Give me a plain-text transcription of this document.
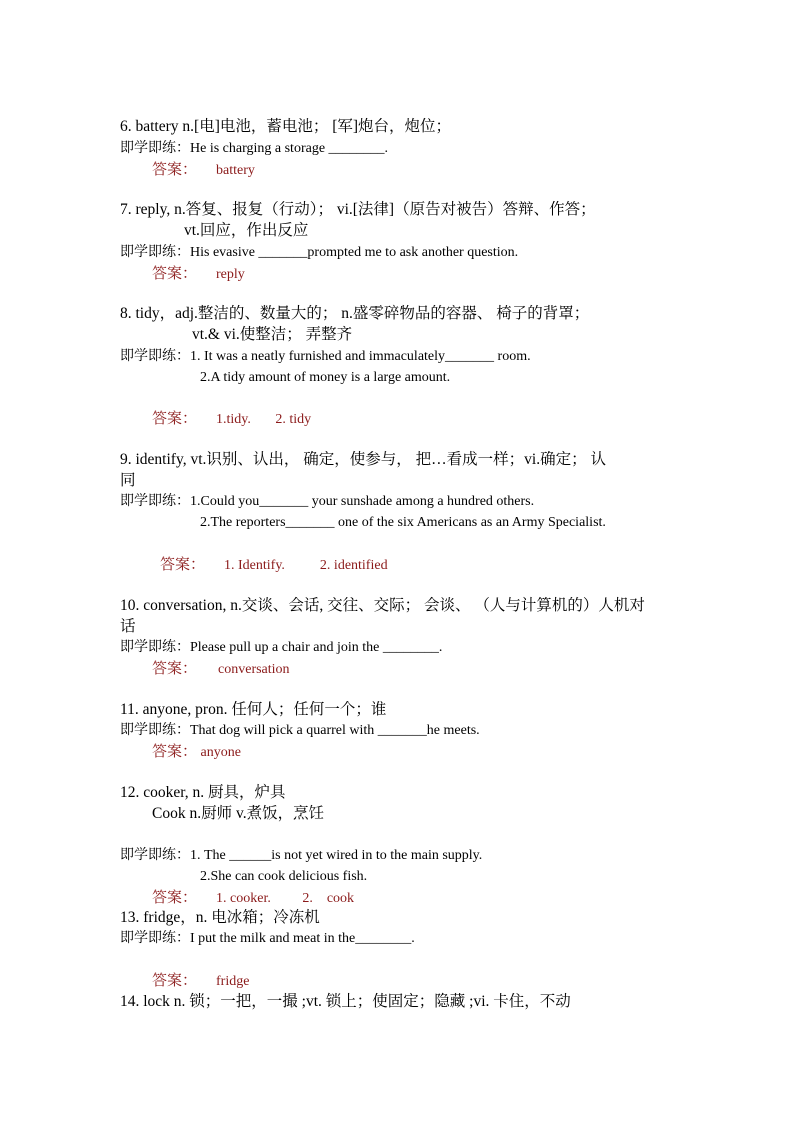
6. battery n.[电]电池，蓄电池； [军]炮台，炮位；
即学即练：He is charging a storage ________.
答案： battery
7. reply, n.答复、报复（行动）； vi.[法律]（原告对被告）答辩、作答；
vt.回应，作出反应
即学即练：His evasive _______prompted me to ask another question.
答案： reply
8. tidy，adj.整洁的、数量大的； n.盛零碎物品的容器、 椅子的背罩；
vt.& vi.使整洁； 弄整齐
即学即练：1. It was a neatly furnished and immaculately_______ room.
2.A tidy amount of money is a large amount.
答案： 1.tidy.       2. tidy
9. identify, vt.识别、认出， 确定，使参与， 把…看成一样；vi.确定； 认
同
即学即练：1.Could you_______ your sunshade among a hundred others.
2.The reporters_______ one of the six Americans as an Army Specialist.
答案： 1. Identify.          2. identified
10. conversation, n.交谈、会话, 交往、交际； 会谈、 （人与计算机的）人机对
话
即学即练：Please pull up a chair and join the ________.
答案： conversation
11. anyone, pron. 任何人；任何一个；谁
即学即练：That dog will pick a quarrel with _______he meets.
答案： anyone
12. cooker, n. 厨具，炉具
Cook n.厨师 v.煮饭，烹饪
即学即练：1. The ______is not yet wired in to the main supply.
2.She can cook delicious fish.
答案： 1. cooker.         2.    cook
13. fridge，n. 电冰箱；冷冻机
即学即练：I put the milk and meat in the________.
答案： fridge
14. lock n. 锁；一把，一撮 ;vt. 锁上；使固定；隐藏 ;vi. 卡住，不动
